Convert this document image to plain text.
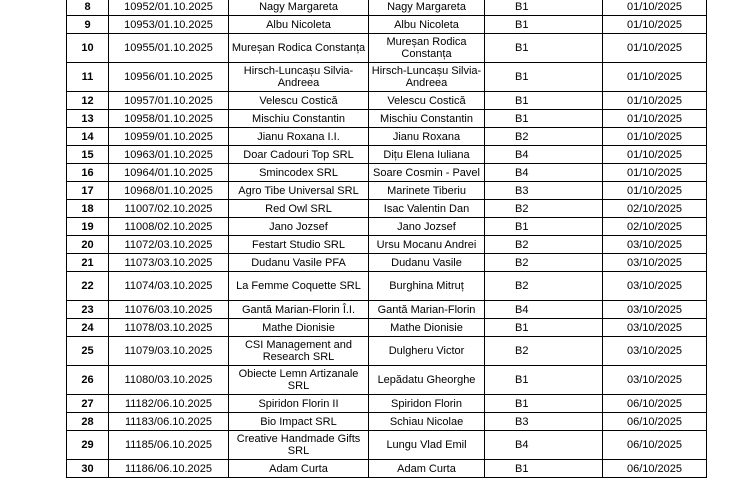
8	10952/01.10.2025	Nagy Margareta	Nagy Margareta	B1	01/10/2025
9	10953/01.10.2025	Albu Nicoleta	Albu Nicoleta	B1	01/10/2025
10	10955/01.10.2025	Mureșan Rodica Constanța	Mureșan Rodica Constanța	B1	01/10/2025
11	10956/01.10.2025	Hirsch-Luncașu Silvia-Andreea	Hirsch-Luncașu Silvia-Andreea	B1	01/10/2025
12	10957/01.10.2025	Velescu Costică	Velescu Costică	B1	01/10/2025
13	10958/01.10.2025	Mischiu Constantin	Mischiu Constantin	B1	01/10/2025
14	10959/01.10.2025	Jianu Roxana I.I.	Jianu Roxana	B2	01/10/2025
15	10963/01.10.2025	Doar Cadouri Top SRL	Dițu Elena Iuliana	B4	01/10/2025
16	10964/01.10.2025	Smincodex SRL	Soare Cosmin - Pavel	B4	01/10/2025
17	10968/01.10.2025	Agro Tibe Universal SRL	Marinete Tiberiu	B3	01/10/2025
18	11007/02.10.2025	Red Owl SRL	Isac Valentin Dan	B2	02/10/2025
19	11008/02.10.2025	Jano Jozsef	Jano Jozsef	B1	02/10/2025
20	11072/03.10.2025	Festart Studio SRL	Ursu Mocanu Andrei	B2	03/10/2025
21	11073/03.10.2025	Dudanu Vasile PFA	Dudanu Vasile	B2	03/10/2025
22	11074/03.10.2025	La Femme Coquette SRL	Burghina Mitruț	B2	03/10/2025
23	11076/03.10.2025	Gantă Marian-Florin Î.I.	Gantă Marian-Florin	B4	03/10/2025
24	11078/03.10.2025	Mathe Dionisie	Mathe Dionisie	B1	03/10/2025
25	11079/03.10.2025	CSI Management and Research SRL	Dulgheru Victor	B2	03/10/2025
26	11080/03.10.2025	Obiecte Lemn Artizanale SRL	Lepădatu Gheorghe	B1	03/10/2025
27	11182/06.10.2025	Spiridon Florin II	Spiridon Florin	B1	06/10/2025
28	11183/06.10.2025	Bio Impact SRL	Schiau Nicolae	B3	06/10/2025
29	11185/06.10.2025	Creative Handmade Gifts SRL	Lungu Vlad Emil	B4	06/10/2025
30	11186/06.10.2025	Adam Curta	Adam Curta	B1	06/10/2025
